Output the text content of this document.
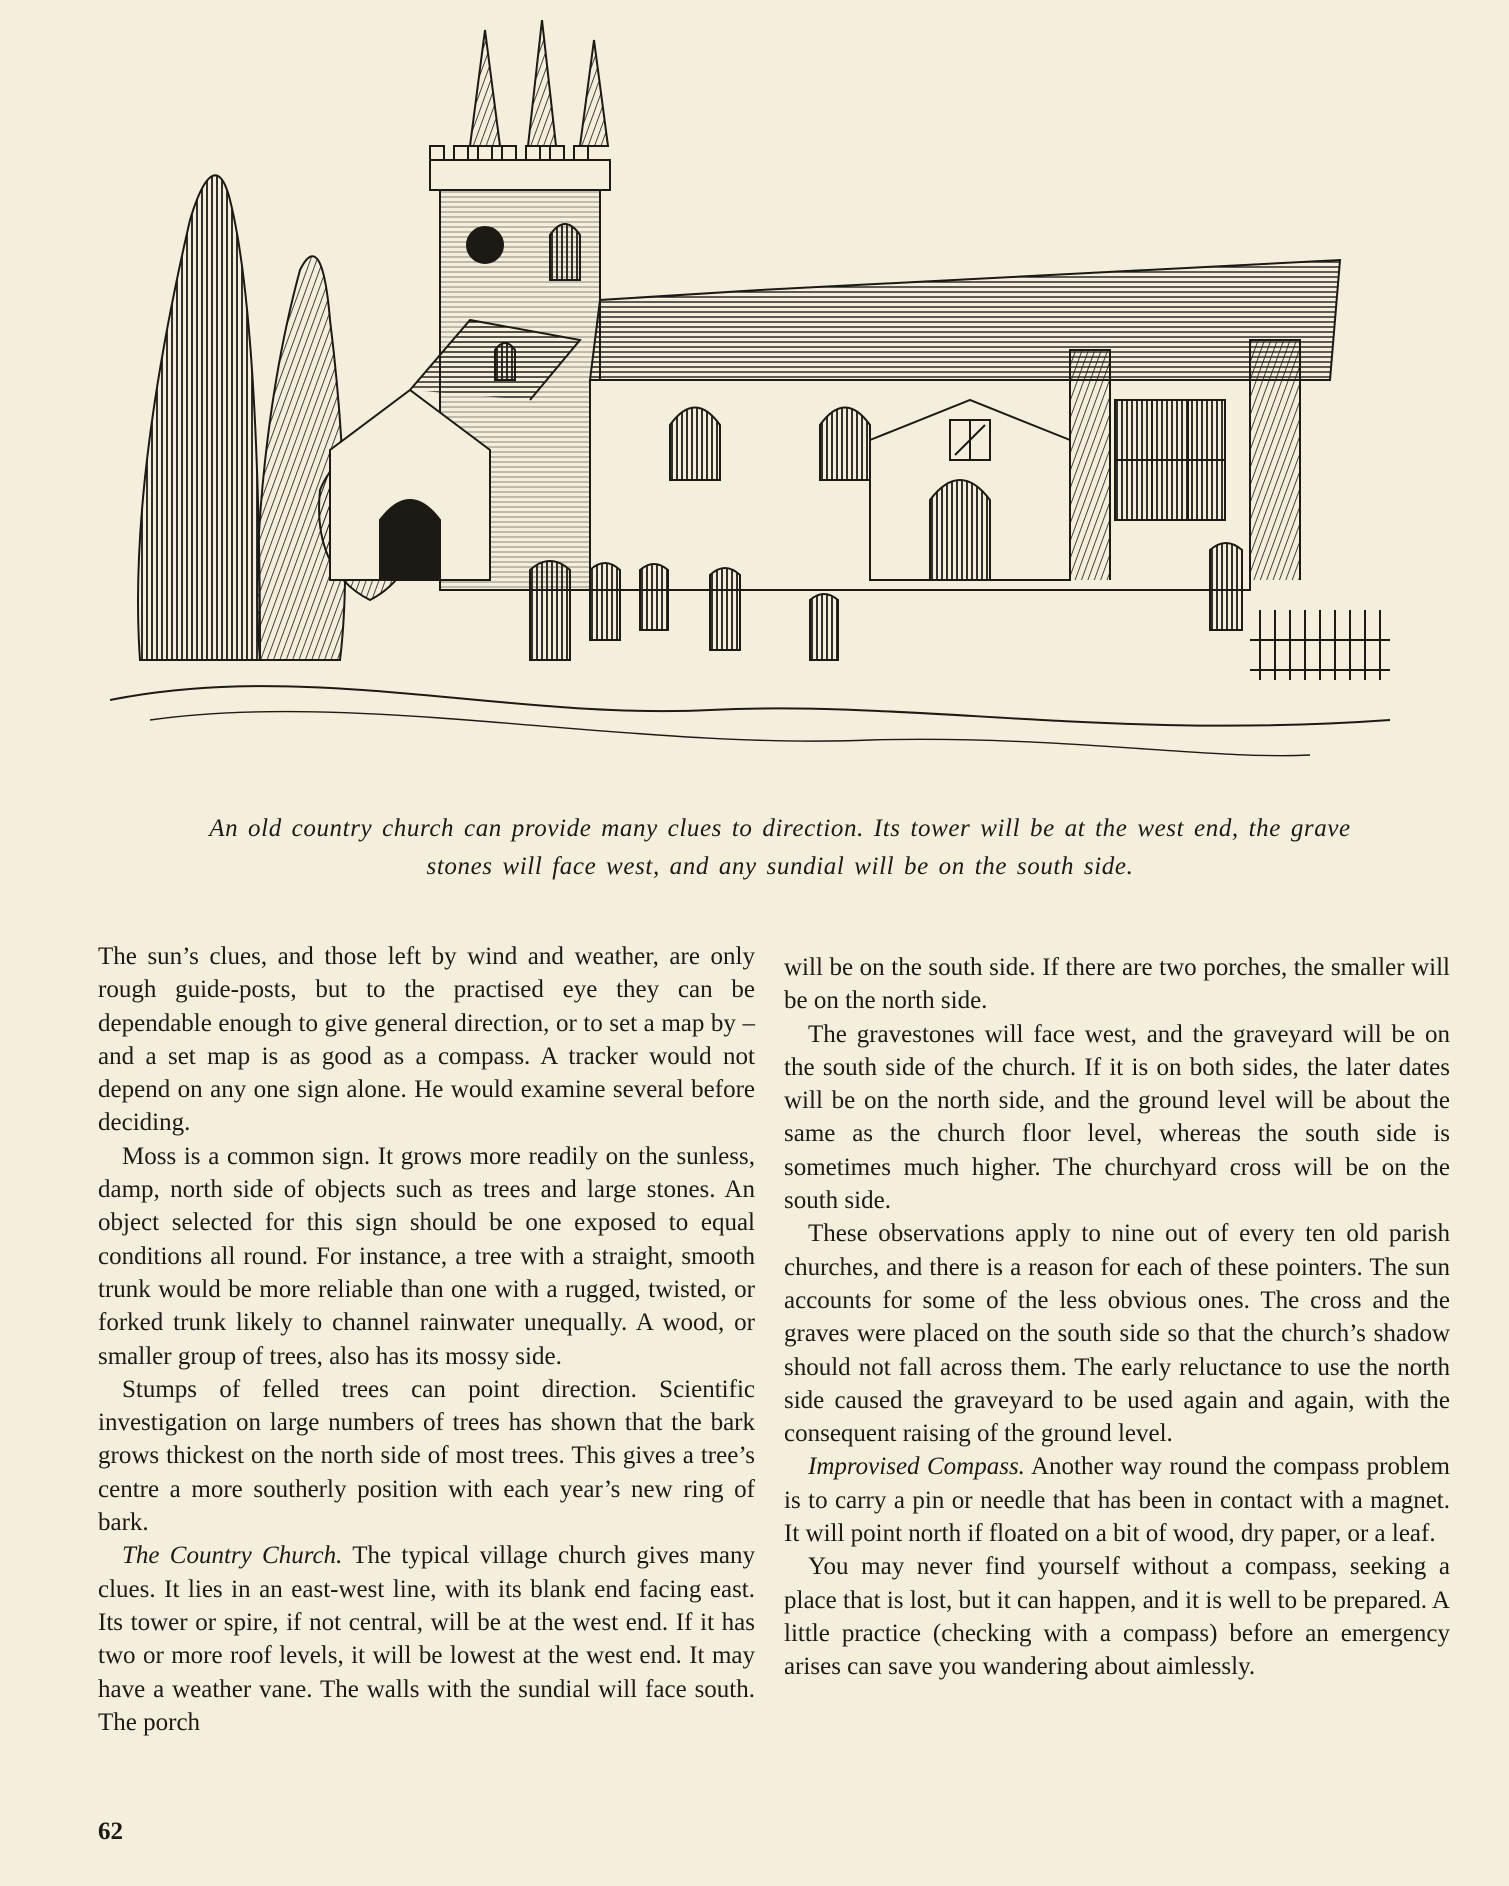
An old country church can provide many clues to direction. Its tower will be at the west end, the grave
stones will face west, and any sundial will be on the south side.

The sun’s clues, and those left by wind and weather, are only rough guide-posts, but to the practised eye they can be dependable enough to give general direction, or to set a map by – and a set map is as good as a compass. A tracker would not depend on any one sign alone. He would examine several before deciding.

Moss is a common sign. It grows more readily on the sunless, damp, north side of objects such as trees and large stones. An object selected for this sign should be one exposed to equal conditions all round. For instance, a tree with a straight, smooth trunk would be more reliable than one with a rugged, twisted, or forked trunk likely to channel rainwater unequally. A wood, or smaller group of trees, also has its mossy side.

Stumps of felled trees can point direction. Scientific investigation on large numbers of trees has shown that the bark grows thickest on the north side of most trees. This gives a tree’s centre a more southerly position with each year’s new ring of bark.

The Country Church. The typical village church gives many clues. It lies in an east-west line, with its blank end facing east. Its tower or spire, if not central, will be at the west end. If it has two or more roof levels, it will be lowest at the west end. It may have a weather vane. The walls with the sundial will face south. The porch

will be on the south side. If there are two porches, the smaller will be on the north side.

The gravestones will face west, and the graveyard will be on the south side of the church. If it is on both sides, the later dates will be on the north side, and the ground level will be about the same as the church floor level, whereas the south side is sometimes much higher. The churchyard cross will be on the south side.

These observations apply to nine out of every ten old parish churches, and there is a reason for each of these pointers. The sun accounts for some of the less obvious ones. The cross and the graves were placed on the south side so that the church’s shadow should not fall across them. The early reluctance to use the north side caused the graveyard to be used again and again, with the consequent raising of the ground level.

Improvised Compass. Another way round the compass problem is to carry a pin or needle that has been in contact with a magnet. It will point north if floated on a bit of wood, dry paper, or a leaf.

You may never find yourself without a compass, seeking a place that is lost, but it can happen, and it is well to be prepared. A little practice (checking with a compass) before an emergency arises can save you wandering about aimlessly.

62
